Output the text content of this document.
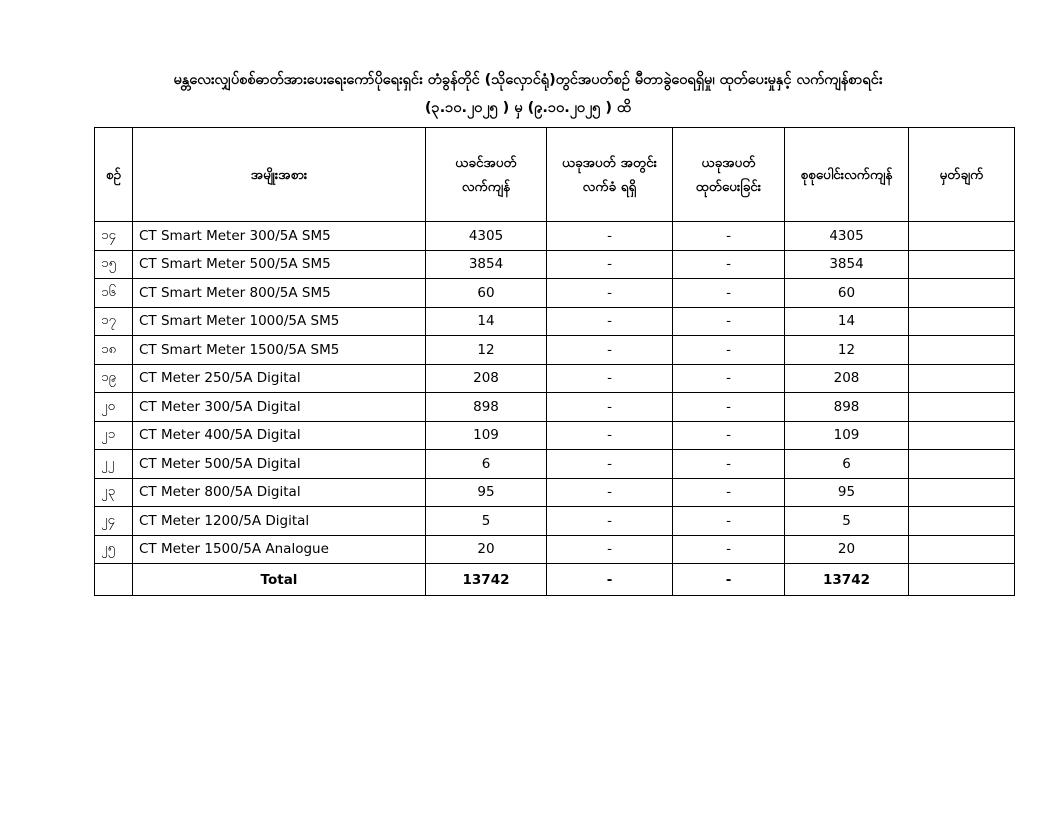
မန္တလေးလျှပ်စစ်ဓာတ်အားပေးရေးကော်ပိုရေးရှင်း တံခွန်တိုင် (သိုလှောင်ရုံ)တွင်အပတ်စဉ် မီတာခွဲဝေရရှိမှု၊ ထုတ်ပေးမှုနှင့် လက်ကျန်စာရင်း
(၃.၁၀.၂၀၂၅ ) မှ (၉.၁၀.၂၀၂၅ ) ထိ
စဉ်	အမျိုးအစား	ယခင်အပတ် လက်ကျန်	ယခုအပတ် အတွင်းလက်ခံ ရရှိ	ယခုအပတ် ထုတ်ပေးခြင်း	စုစုပေါင်းလက်ကျန်	မှတ်ချက်
၁၄	CT Smart Meter 300/5A SM5	4305	-	-	4305	
၁၅	CT Smart Meter 500/5A SM5	3854	-	-	3854	
၁၆	CT Smart Meter 800/5A SM5	60	-	-	60	
၁၇	CT Smart Meter 1000/5A SM5	14	-	-	14	
၁၈	CT Smart Meter 1500/5A SM5	12	-	-	12	
၁၉	CT Meter 250/5A Digital	208	-	-	208	
၂၀	CT Meter 300/5A Digital	898	-	-	898	
၂၁	CT Meter 400/5A Digital	109	-	-	109	
၂၂	CT Meter 500/5A Digital	6	-	-	6	
၂၃	CT Meter 800/5A Digital	95	-	-	95	
၂၄	CT Meter 1200/5A Digital	5	-	-	5	
၂၅	CT Meter 1500/5A Analogue	20	-	-	20	
	Total	13742	-	-	13742	
